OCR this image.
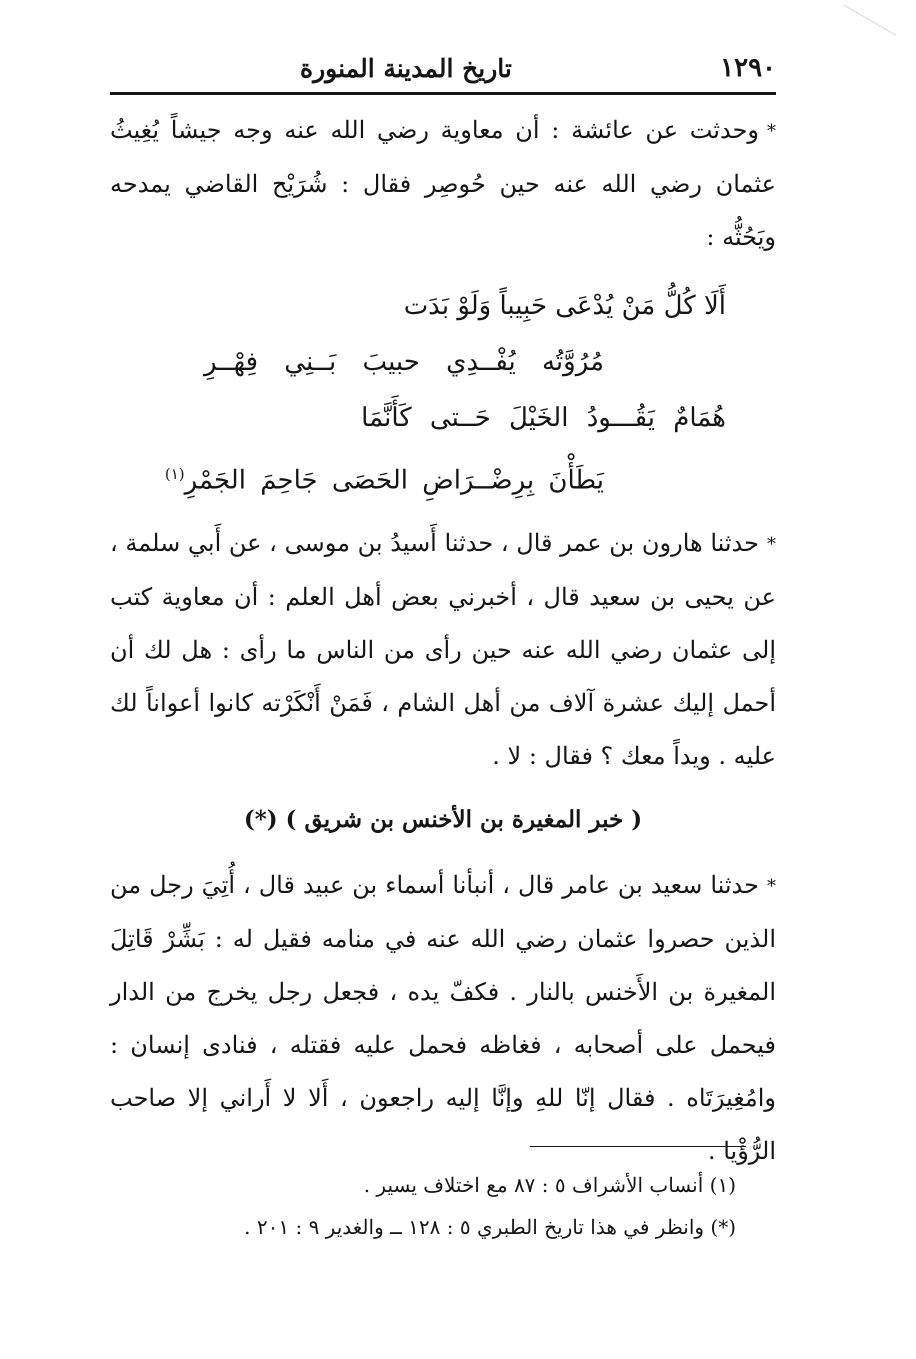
١٢٩٠
تاريخ المدينة المنورة

*وحدثت عن عائشة : أن معاوية رضي الله عنه وجه جيشاً يُغِيثُ عثمان رضي الله عنه حين حُوصِر فقال : شُرَيْح القاضي يمدحه ويَحُثُّه :

أَلَا كُلُّ مَنْ يُدْعَى حَبِيباً وَلَوْ بَدَت

مُرُوَّتُه يُفْــدِي حبيبَ بَــنِي فِهْــرِ

هُمَامٌ يَقُـــودُ الخَيْلَ حَــتى كَأَنَّمَا

يَطَأْنَ بِرِضْــرَاضِ الحَصَى جَاحِمَ الجَمْرِ$^{(١)}$

*حدثنا هارون بن عمر قال ، حدثنا أَسيدُ بن موسى ، عن أَبي سلمة ، عن يحيى بن سعيد قال ، أخبرني بعض أهل العلم : أن معاوية كتب إلى عثمان رضي الله عنه حين رأى من الناس ما رأى : هل لك أن أحمل إليك عشرة آلاف من أهل الشام ، فَمَنْ أَنْكَرْته كانوا أعواناً لك عليه . ويداً معك ؟ فقال : لا .

( خبر المغيرة بن الأخنس بن شريق ) (*)

*حدثنا سعيد بن عامر قال ، أنبأنا أسماء بن عبيد قال ، أُتِيَ رجل من الذين حصروا عثمان رضي الله عنه في منامه فقيل له : بَشِّرْ قَاتِلَ المغيرة بن الأَخنس بالنار . فكفّ يده ، فجعل رجل يخرج من الدار فيحمل على أصحابه ، فغاظه فحمل عليه فقتله ، فنادى إنسان : وامُغِيرَتَاه . فقال إنّا للهِ وإنَّا إليه راجعون ، أَلا لا أَراني إلا صاحب الرُّؤْيا .

(١) أنساب الأشراف ٥ : ٨٧ مع اختلاف يسير .

(*) وانظر في هذا تاريخ الطبري ٥ : ١٢٨ ــ والغدير ٩ : ٢٠١ .
